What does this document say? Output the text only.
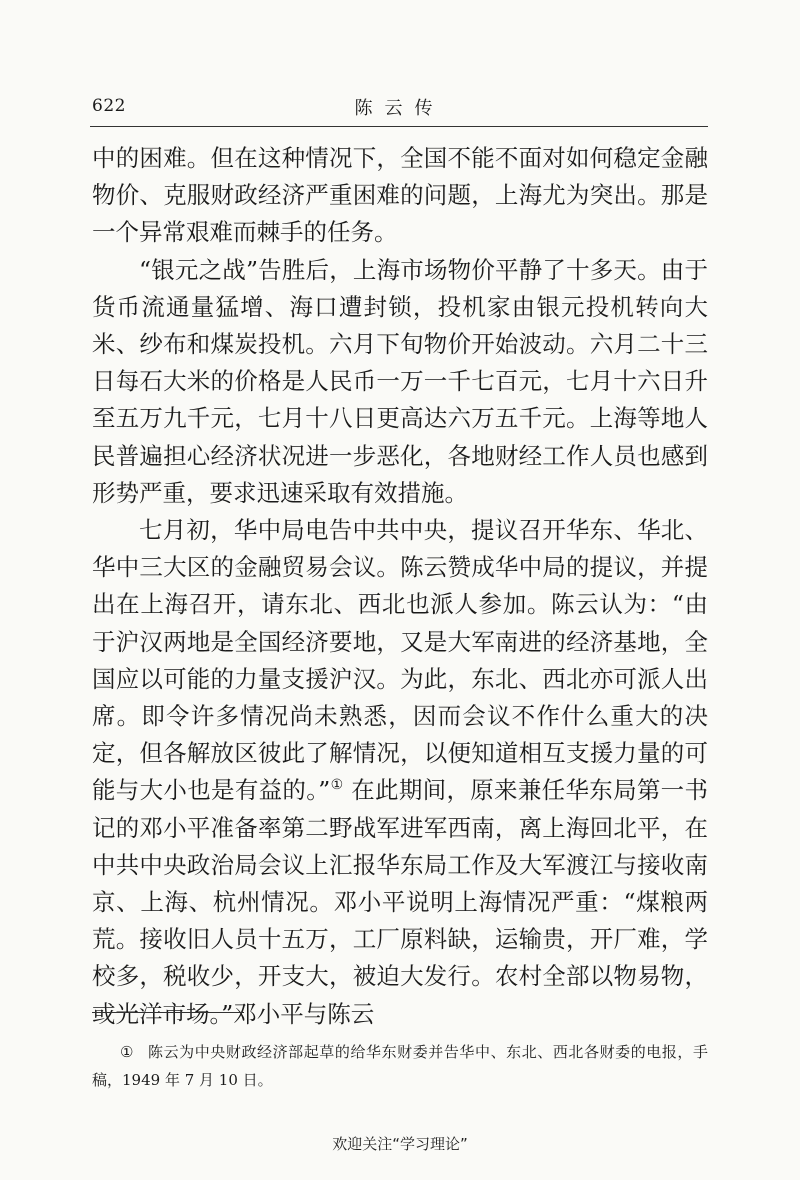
622	陈云传

中的困难。但在这种情况下，全国不能不面对如何稳定金融物价、克服财政经济严重困难的问题，上海尤为突出。那是一个异常艰难而棘手的任务。

“银元之战”告胜后，上海市场物价平静了十多天。由于货币流通量猛增、海口遭封锁，投机家由银元投机转向大米、纱布和煤炭投机。六月下旬物价开始波动。六月二十三日每石大米的价格是人民币一万一千七百元，七月十六日升至五万九千元，七月十八日更高达六万五千元。上海等地人民普遍担心经济状况进一步恶化，各地财经工作人员也感到形势严重，要求迅速采取有效措施。

七月初，华中局电告中共中央，提议召开华东、华北、华中三大区的金融贸易会议。陈云赞成华中局的提议，并提出在上海召开，请东北、西北也派人参加。陈云认为：“由于沪汉两地是全国经济要地，又是大军南进的经济基地，全国应以可能的力量支援沪汉。为此，东北、西北亦可派人出席。即令许多情况尚未熟悉，因而会议不作什么重大的决定，但各解放区彼此了解情况，以便知道相互支援力量的可能与大小也是有益的。”① 在此期间，原来兼任华东局第一书记的邓小平准备率第二野战军进军西南，离上海回北平，在中共中央政治局会议上汇报华东局工作及大军渡江与接收南京、上海、杭州情况。邓小平说明上海情况严重：“煤粮两荒。接收旧人员十五万，工厂原料缺，运输贵，开厂难，学校多，税收少，开支大，被迫大发行。农村全部以物易物，或光洋市场。”邓小平与陈云

① 陈云为中央财政经济部起草的给华东财委并告华中、东北、西北各财委的电报，手稿，1949 年 7 月 10 日。
欢迎关注“学习理论”
